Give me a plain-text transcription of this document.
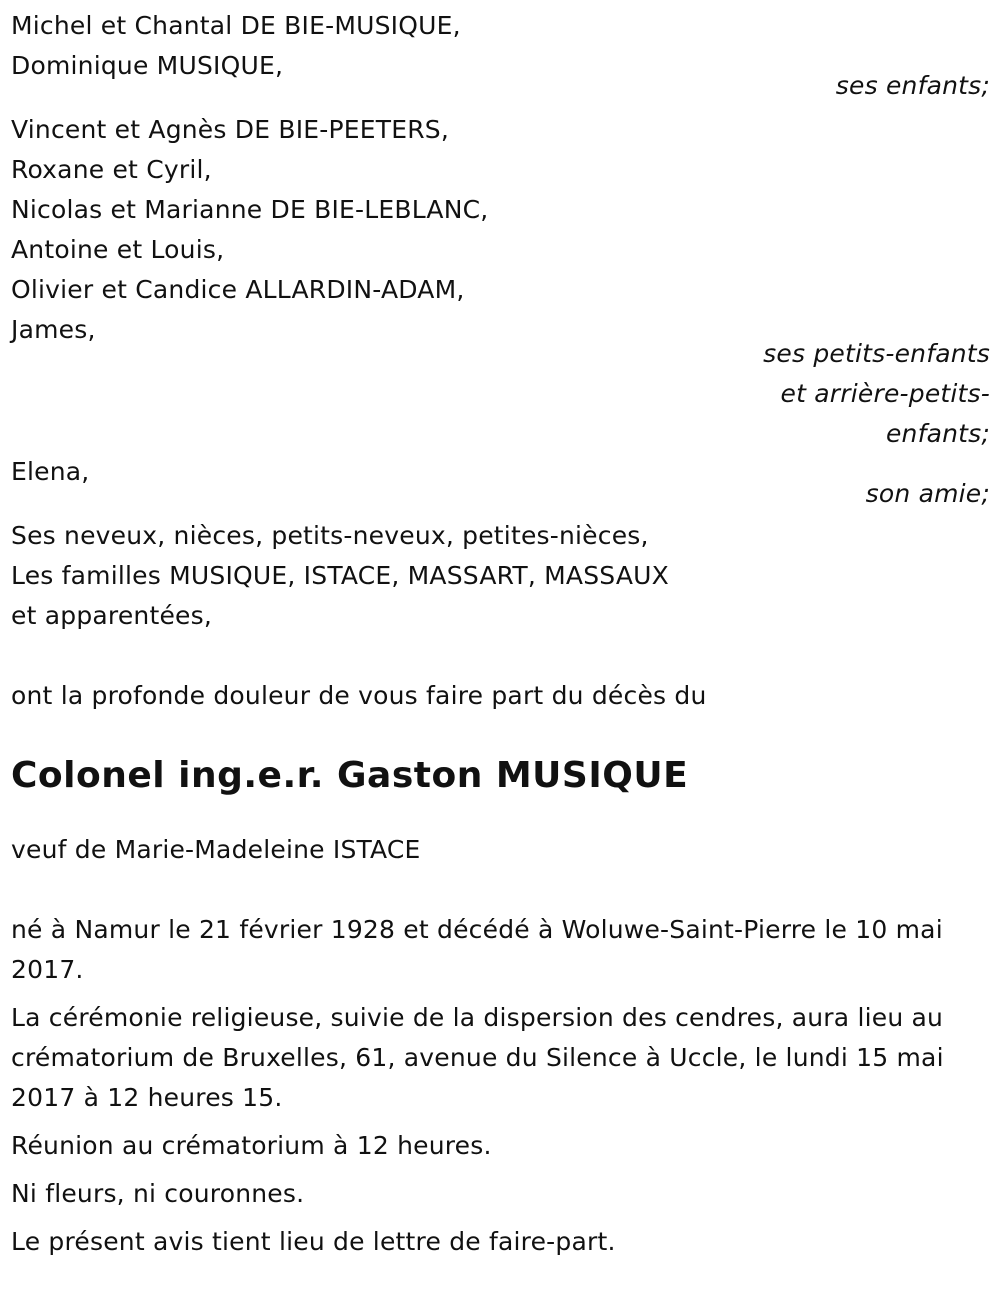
Michel et Chantal DE BIE-MUSIQUE,
Dominique MUSIQUE,
ses enfants;
Vincent et Agnès DE BIE-PEETERS,
Roxane et Cyril,
Nicolas et Marianne DE BIE-LEBLANC,
Antoine et Louis,
Olivier et Candice ALLARDIN-ADAM,
James,
ses petits-enfants
et arrière-petits-
enfants;
Elena,
son amie;
Ses neveux, nièces, petits-neveux, petites-nièces,
Les familles MUSIQUE, ISTACE, MASSART, MASSAUX
et apparentées,
ont la profonde douleur de vous faire part du décès du
Colonel ing.e.r. Gaston MUSIQUE
veuf de Marie-Madeleine ISTACE
né à Namur le 21 février 1928 et décédé à Woluwe-Saint-Pierre le 10 mai
2017.
La cérémonie religieuse, suivie de la dispersion des cendres, aura lieu au
crématorium de Bruxelles, 61, avenue du Silence à Uccle, le lundi 15 mai
2017 à 12 heures 15.
Réunion au crématorium à 12 heures.
Ni fleurs, ni couronnes.
Le présent avis tient lieu de lettre de faire-part.
